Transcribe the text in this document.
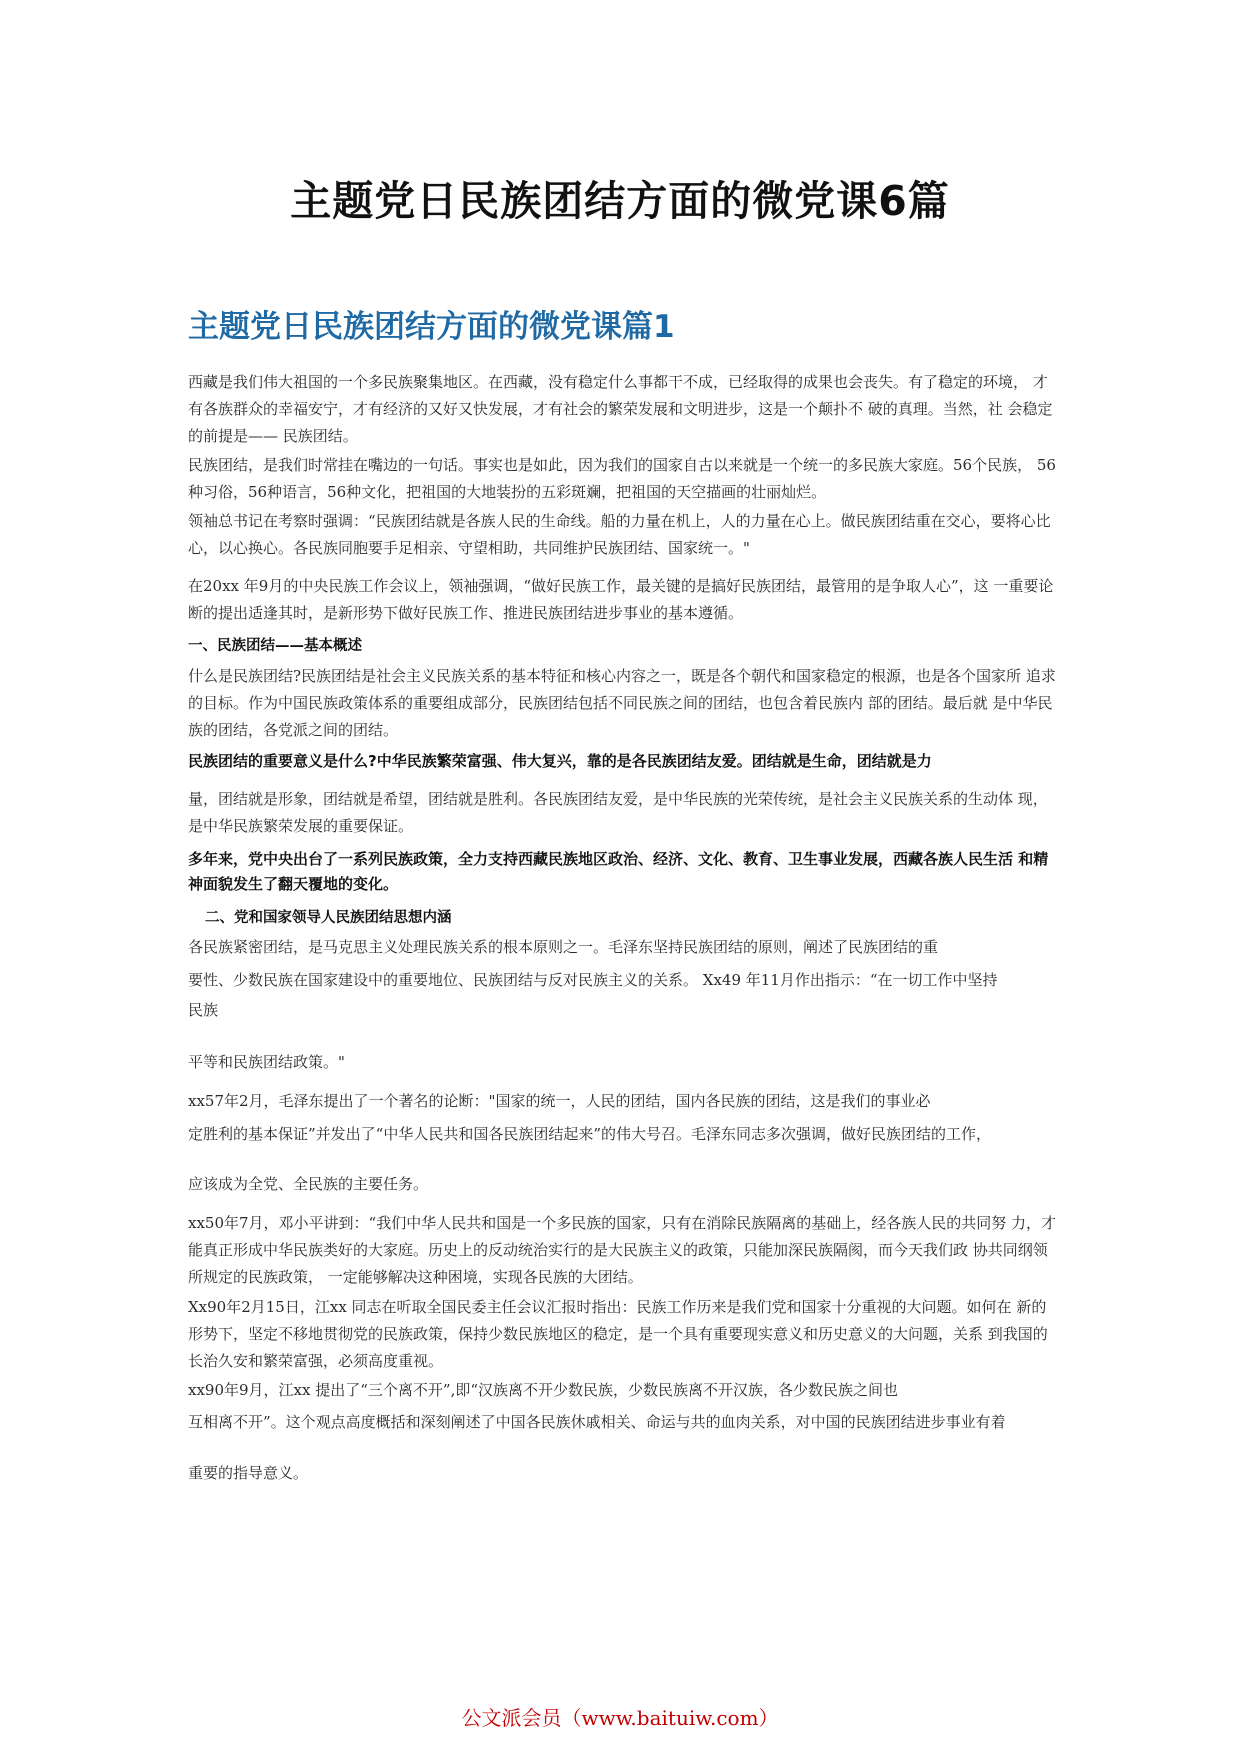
主题党日民族团结方面的微党课6篇
主题党日民族团结方面的微党课篇1
西藏是我们伟大祖国的一个多民族聚集地区。在西藏，没有稳定什么事都干不成，已经取得的成果也会丧失。有了稳定的环境， 才有各族群众的幸福安宁，才有经济的又好又快发展，才有社会的繁荣发展和文明进步，这是一个颠扑不 破的真理。当然，社 会稳定的前提是—— 民族团结。
民族团结，是我们时常挂在嘴边的一句话。事实也是如此，因为我们的国家自古以来就是一个统一的多民族大家庭。56个民族， 56种习俗，56种语言，56种文化，把祖国的大地装扮的五彩斑斓，把祖国的天空描画的壮丽灿烂。
领袖总书记在考察时强调：“民族团结就是各族人民的生命线。船的力量在机上，人的力量在心上。做民族团结重在交心，要将心比心，以心换心。各民族同胞要手足相亲、守望相助，共同维护民族团结、国家统一。"
在20xx 年9月的中央民族工作会议上，领袖强调，“做好民族工作，最关键的是搞好民族团结，最管用的是争取人心”，这 一重要论断的提出适逢其时，是新形势下做好民族工作、推进民族团结进步事业的基本遵循。
一、民族团结——基本概述
什么是民族团结?民族团结是社会主义民族关系的基本特征和核心内容之一，既是各个朝代和国家稳定的根源，也是各个国家所 追求的目标。作为中国民族政策体系的重要组成部分，民族团结包括不同民族之间的团结，也包含着民族内 部的团结。最后就 是中华民族的团结，各党派之间的团结。
民族团结的重要意义是什么?中华民族繁荣富强、伟大复兴，靠的是各民族团结友爱。团结就是生命，团结就是力
量，团结就是形象，团结就是希望，团结就是胜利。各民族团结友爱，是中华民族的光荣传统，是社会主义民族关系的生动体 现，是中华民族繁荣发展的重要保证。
多年来，党中央出台了一系列民族政策，全力支持西藏民族地区政治、经济、文化、教育、卫生事业发展，西藏各族人民生活 和精神面貌发生了翻天覆地的变化。
二、党和国家领导人民族团结思想内涵
各民族紧密团结，是马克思主义处理民族关系的根本原则之一。毛泽东坚持民族团结的原则，阐述了民族团结的重
要性、少数民族在国家建设中的重要地位、民族团结与反对民族主义的关系。 Xx49 年11月作出指示：“在一切工作中坚持
民族
平等和民族团结政策。"
xx57年2月，毛泽东提出了一个著名的论断："国家的统一，人民的团结，国内各民族的团结，这是我们的事业必
定胜利的基本保证”并发出了“中华人民共和国各民族团结起来”的伟大号召。毛泽东同志多次强调，做好民族团结的工作，
应该成为全党、全民族的主要任务。
xx50年7月，邓小平讲到：“我们中华人民共和国是一个多民族的国家，只有在消除民族隔离的基础上，经各族人民的共同努 力，才能真正形成中华民族类好的大家庭。历史上的反动统治实行的是大民族主义的政策，只能加深民族隔阂，而今天我们政 协共同纲领所规定的民族政策， 一定能够解决这种困境，实现各民族的大团结。
Xx90年2月15日，江xx 同志在听取全国民委主任会议汇报时指出：民族工作历来是我们党和国家十分重视的大问题。如何在 新的形势下，坚定不移地贯彻党的民族政策，保持少数民族地区的稳定，是一个具有重要现实意义和历史意义的大问题，关系 到我国的长治久安和繁荣富强，必须高度重视。
xx90年9月，江xx 提出了“三个离不开”,即“汉族离不开少数民族，少数民族离不开汉族，各少数民族之间也
互相离不开”。这个观点高度概括和深刻阐述了中国各民族休戚相关、命运与共的血肉关系，对中国的民族团结进步事业有着
重要的指导意义。
公文派会员（www.baituiw.com）
